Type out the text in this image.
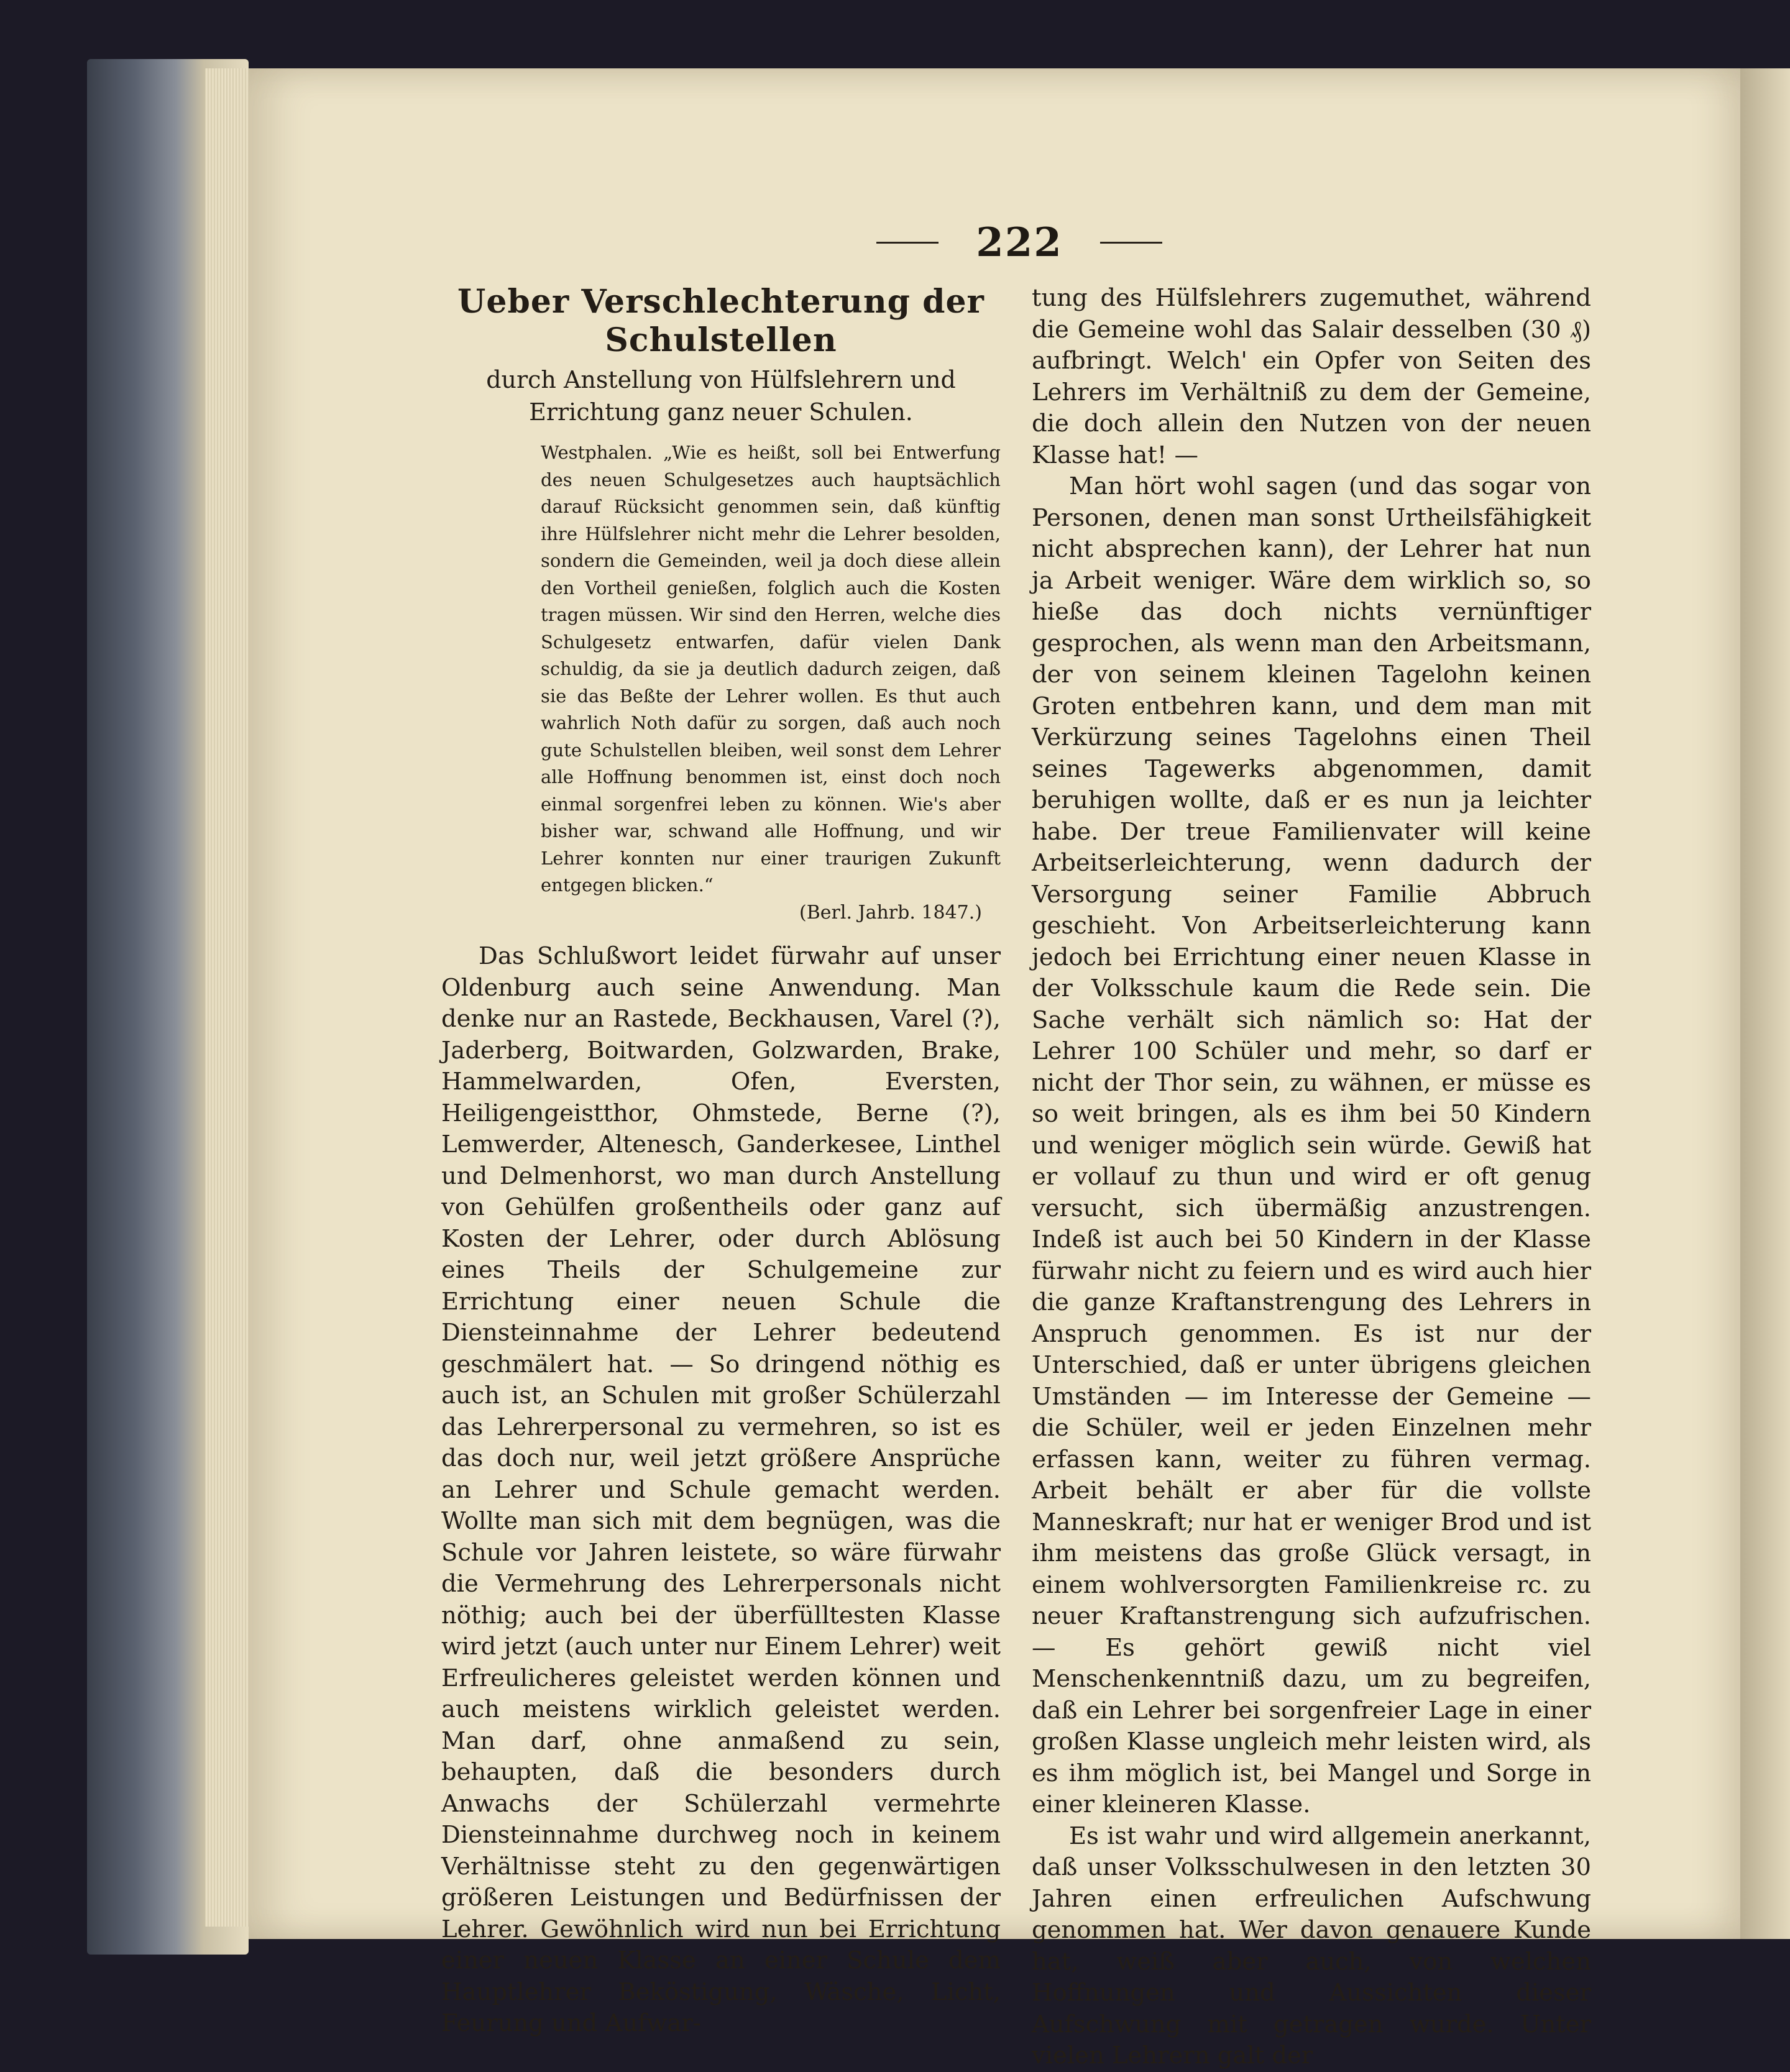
222
Ueber Verschlechterung der Schulstellen
durch Anstellung von Hülfslehrern und Errichtung ganz neuer Schulen.
Westphalen. „Wie es heißt, soll bei Entwerfung des neuen Schulgesetzes auch hauptsächlich darauf Rücksicht genommen sein, daß künftig ihre Hülfslehrer nicht mehr die Lehrer besolden, sondern die Gemeinden, weil ja doch diese allein den Vortheil genießen, folglich auch die Kosten tragen müssen. Wir sind den Herren, welche dies Schulgesetz entwarfen, dafür vielen Dank schuldig, da sie ja deutlich dadurch zeigen, daß sie das Beßte der Lehrer wollen. Es thut auch wahrlich Noth dafür zu sorgen, daß auch noch gute Schulstellen bleiben, weil sonst dem Lehrer alle Hoffnung benommen ist, einst doch noch einmal sorgenfrei leben zu können. Wie's aber bisher war, schwand alle Hoffnung, und wir Lehrer konnten nur einer traurigen Zukunft entgegen blicken.“
(Berl. Jahrb. 1847.)

Das Schlußwort leidet fürwahr auf unser Oldenburg auch seine Anwendung. Man denke nur an Rastede, Beckhausen, Varel (?), Jaderberg, Boitwarden, Golzwarden, Brake, Hammelwarden, Ofen, Eversten, Heiligengeistthor, Ohmstede, Berne (?), Lemwerder, Altenesch, Ganderkesee, Linthel und Delmenhorst, wo man durch Anstellung von Gehülfen großentheils oder ganz auf Kosten der Lehrer, oder durch Ablösung eines Theils der Schulgemeine zur Errichtung einer neuen Schule die Diensteinnahme der Lehrer bedeutend geschmälert hat. — So dringend nöthig es auch ist, an Schulen mit großer Schülerzahl das Lehrerpersonal zu vermehren, so ist es das doch nur, weil jetzt größere Ansprüche an Lehrer und Schule gemacht werden. Wollte man sich mit dem begnügen, was die Schule vor Jahren leistete, so wäre fürwahr die Vermehrung des Lehrerpersonals nicht nöthig; auch bei der überfülltesten Klasse wird jetzt (auch unter nur Einem Lehrer) weit Erfreulicheres geleistet werden können und auch meistens wirklich geleistet werden. Man darf, ohne anmaßend zu sein, behaupten, daß die besonders durch Anwachs der Schülerzahl vermehrte Diensteinnahme durchweg noch in keinem Verhältnisse steht zu den gegenwärtigen größeren Leistungen und Bedürfnissen der Lehrer. Gewöhnlich wird nun bei Errichtung einer neuen Klasse an einer Schule dem Hauptlehrer Beköstigung, Wäsche, Licht, Feurung und Aufwar-

tung des Hülfslehrers zugemuthet, während die Gemeine wohl das Salair desselben (30 ₰) aufbringt. Welch' ein Opfer von Seiten des Lehrers im Verhältniß zu dem der Gemeine, die doch allein den Nutzen von der neuen Klasse hat! —

Man hört wohl sagen (und das sogar von Personen, denen man sonst Urtheilsfähigkeit nicht absprechen kann), der Lehrer hat nun ja Arbeit weniger. Wäre dem wirklich so, so hieße das doch nichts vernünftiger gesprochen, als wenn man den Arbeitsmann, der von seinem kleinen Tagelohn keinen Groten entbehren kann, und dem man mit Verkürzung seines Tagelohns einen Theil seines Tagewerks abgenommen, damit beruhigen wollte, daß er es nun ja leichter habe. Der treue Familienvater will keine Arbeitserleichterung, wenn dadurch der Versorgung seiner Familie Abbruch geschieht. Von Arbeitserleichterung kann jedoch bei Errichtung einer neuen Klasse in der Volksschule kaum die Rede sein. Die Sache verhält sich nämlich so: Hat der Lehrer 100 Schüler und mehr, so darf er nicht der Thor sein, zu wähnen, er müsse es so weit bringen, als es ihm bei 50 Kindern und weniger möglich sein würde. Gewiß hat er vollauf zu thun und wird er oft genug versucht, sich übermäßig anzustrengen. Indeß ist auch bei 50 Kindern in der Klasse fürwahr nicht zu feiern und es wird auch hier die ganze Kraftanstrengung des Lehrers in Anspruch genommen. Es ist nur der Unterschied, daß er unter übrigens gleichen Umständen — im Interesse der Gemeine — die Schüler, weil er jeden Einzelnen mehr erfassen kann, weiter zu führen vermag. Arbeit behält er aber für die vollste Manneskraft; nur hat er weniger Brod und ist ihm meistens das große Glück versagt, in einem wohlversorgten Familienkreise rc. zu neuer Kraftanstrengung sich aufzufrischen. — Es gehört gewiß nicht viel Menschenkenntniß dazu, um zu begreifen, daß ein Lehrer bei sorgenfreier Lage in einer großen Klasse ungleich mehr leisten wird, als es ihm möglich ist, bei Mangel und Sorge in einer kleineren Klasse.

Es ist wahr und wird allgemein anerkannt, daß unser Volksschulwesen in den letzten 30 Jahren einen erfreulichen Aufschwung genommen hat. Wer davon genauere Kunde hat, weiß aber auch, von welchen Hoffnungen und Aussichten dieser Aufschwung mit getragen wurde. Unter vielen Lehrern galt der
